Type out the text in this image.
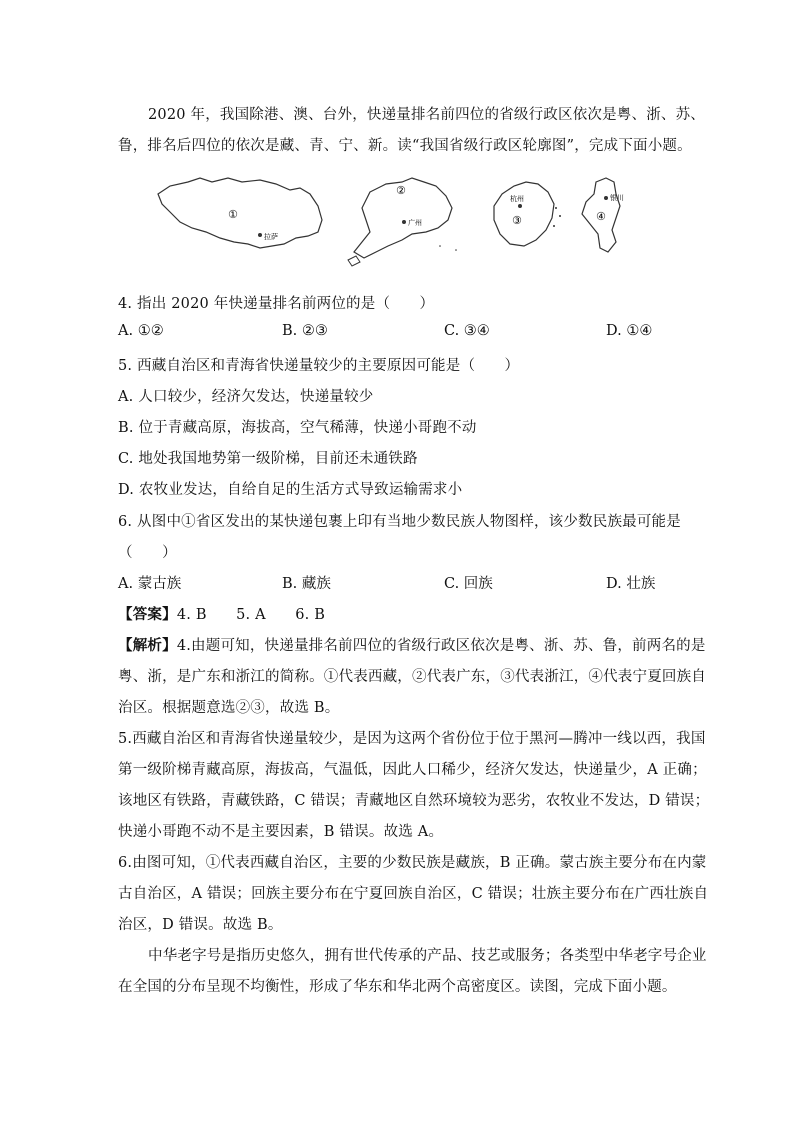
2020 年，我国除港、澳、台外，快递量排名前四位的省级行政区依次是粤、浙、苏、
鲁，排名后四位的依次是藏、青、宁、新。读“我国省级行政区轮廓图”，完成下面小题。
①
拉萨
②
广州
杭州
③
银川
④
4. 指出 2020 年快递量排名前两位的是（　　）
A. ①②	B. ②③	C. ③④	D. ①④
5. 西藏自治区和青海省快递量较少的主要原因可能是（　　）
A. 人口较少，经济欠发达，快递量较少
B. 位于青藏高原，海拔高，空气稀薄，快递小哥跑不动
C. 地处我国地势第一级阶梯，目前还未通铁路
D. 农牧业发达，自给自足的生活方式导致运输需求小
6. 从图中①省区发出的某快递包裹上印有当地少数民族人物图样，该少数民族最可能是
（　　）
A. 蒙古族	B. 藏族	C. 回族	D. 壮族
【答案】4. B　　5. A　　6. B
【解析】4.由题可知，快递量排名前四位的省级行政区依次是粤、浙、苏、鲁，前两名的是
粤、浙，是广东和浙江的简称。①代表西藏，②代表广东，③代表浙江，④代表宁夏回族自
治区。根据题意选②③，故选 B。
5.西藏自治区和青海省快递量较少，是因为这两个省份位于位于黑河—腾冲一线以西，我国
第一级阶梯青藏高原，海拔高，气温低，因此人口稀少，经济欠发达，快递量少，A 正确；
该地区有铁路，青藏铁路，C 错误；青藏地区自然环境较为恶劣，农牧业不发达，D 错误；
快递小哥跑不动不是主要因素，B 错误。故选 A。
6.由图可知，①代表西藏自治区，主要的少数民族是藏族，B 正确。蒙古族主要分布在内蒙
古自治区，A 错误；回族主要分布在宁夏回族自治区，C 错误；壮族主要分布在广西壮族自
治区，D 错误。故选 B。
中华老字号是指历史悠久，拥有世代传承的产品、技艺或服务；各类型中华老字号企业
在全国的分布呈现不均衡性，形成了华东和华北两个高密度区。读图，完成下面小题。
